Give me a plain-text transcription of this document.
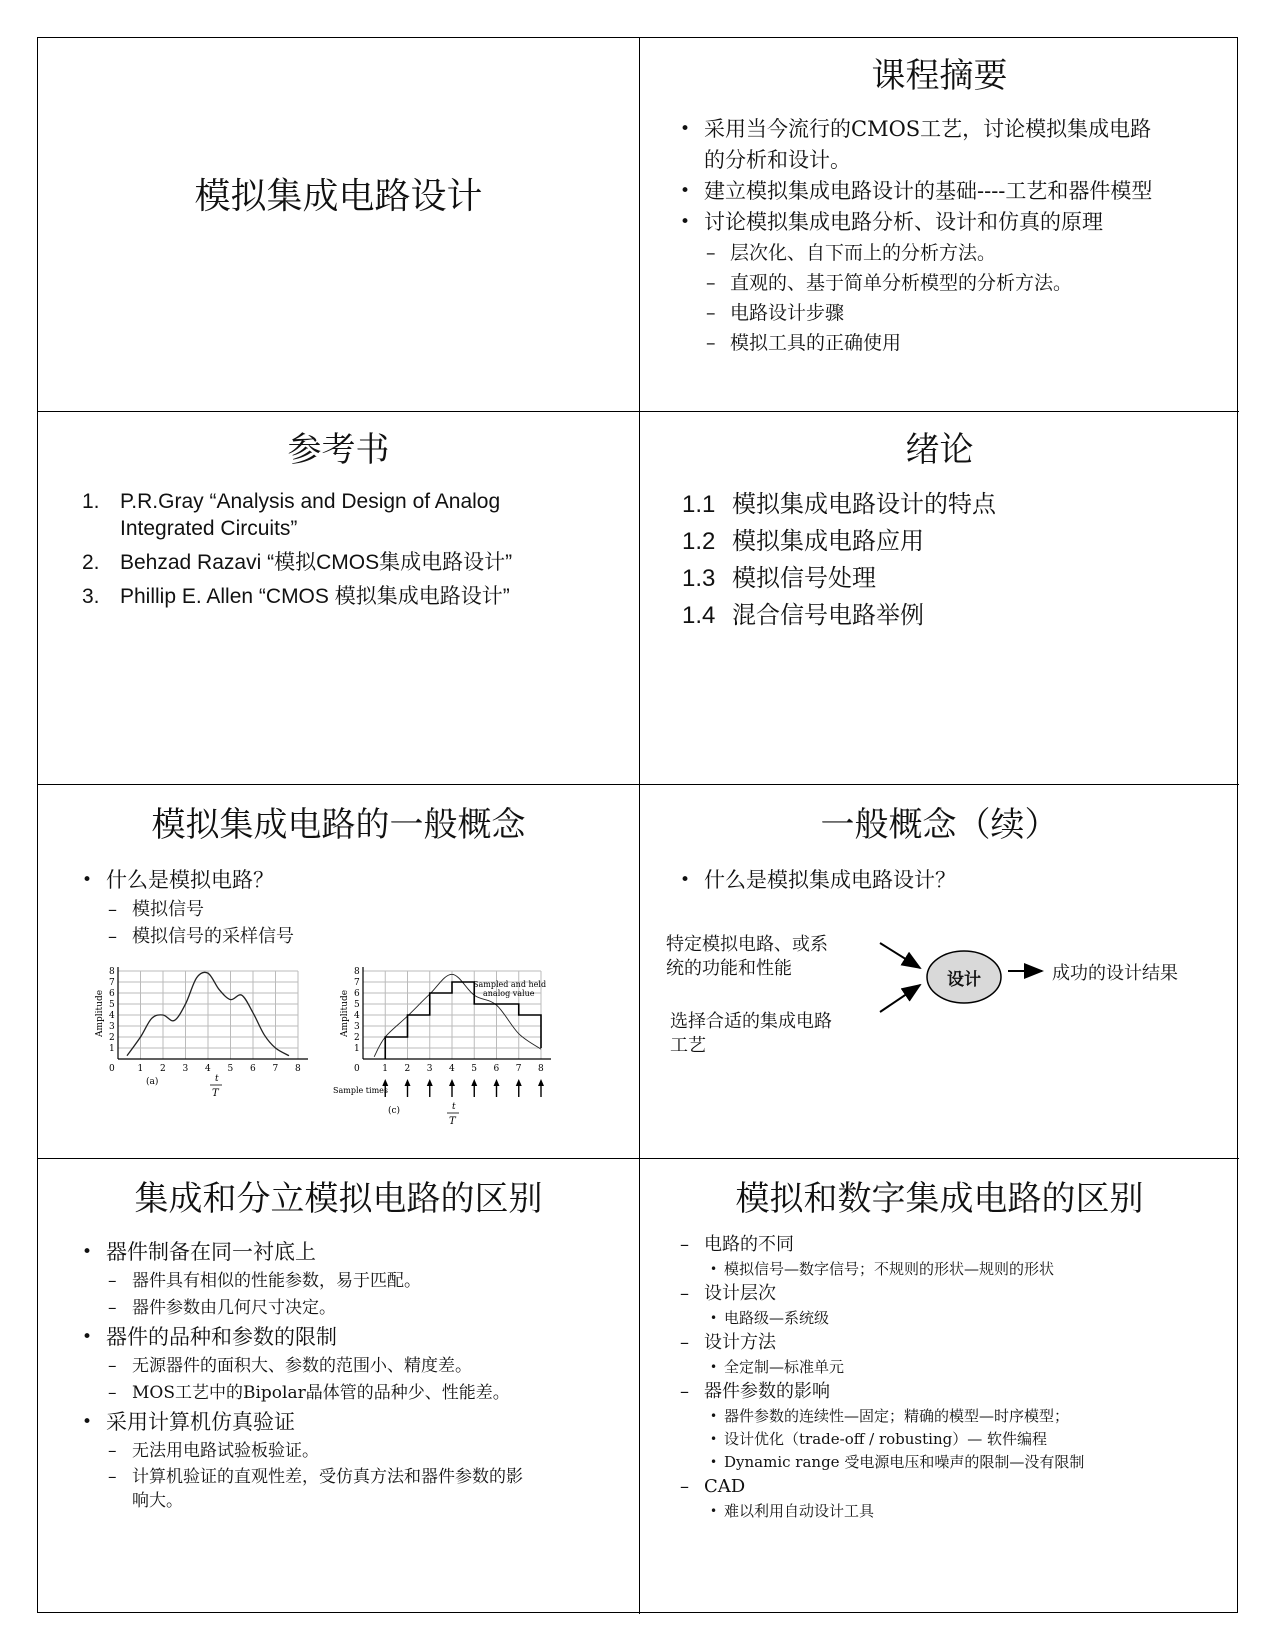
模拟集成电路设计
课程摘要
• 采用当今流行的CMOS工艺，讨论模拟集成电路
的分析和设计。
• 建立模拟集成电路设计的基础----工艺和器件模型
• 讨论模拟集成电路分析、设计和仿真的原理
– 层次化、自下而上的分析方法。
– 直观的、基于简单分析模型的分析方法。
– 电路设计步骤
– 模拟工具的正确使用
参考书
1. P.R.Gray “Analysis and Design of Analog
Integrated Circuits”
2. Behzad Razavi “模拟CMOS集成电路设计”
3. Phillip E. Allen “CMOS 模拟集成电路设计”
绪论
1.1 模拟集成电路设计的特点
1.2 模拟集成电路应用
1.3 模拟信号处理
1.4 混合信号电路举例
模拟集成电路的一般概念
• 什么是模拟电路？
– 模拟信号
– 模拟信号的采样信号
0	1 2 3 4 5 6 7 8
1
2
3
4
5
6
7
8
Amplitude
(a)	t
T
0	1 2 3 4 5 6 7 8
1
2
3
4
5
6
7
8
Amplitude
Sampled and held
analog value
Sample times
(c)	t
T
一般概念（续）
• 什么是模拟集成电路设计？
特定模拟电路、或系
统的功能和性能
选择合适的集成电路
工艺
设计	成功的设计结果
集成和分立模拟电路的区别
• 器件制备在同一衬底上
– 器件具有相似的性能参数，易于匹配。
– 器件参数由几何尺寸决定。
• 器件的品种和参数的限制
– 无源器件的面积大、参数的范围小、精度差。
– MOS工艺中的Bipolar晶体管的品种少、性能差。
• 采用计算机仿真验证
– 无法用电路试验板验证。
– 计算机验证的直观性差，受仿真方法和器件参数的影
响大。
模拟和数字集成电路的区别
– 电路的不同
• 模拟信号—数字信号；不规则的形状—规则的形状
– 设计层次
• 电路级—系统级
– 设计方法
• 全定制—标准单元
– 器件参数的影响
• 器件参数的连续性—固定；精确的模型—时序模型；
• 设计优化（trade-off / robusting）— 软件编程
• Dynamic range 受电源电压和噪声的限制—没有限制
– CAD
• 难以利用自动设计工具
